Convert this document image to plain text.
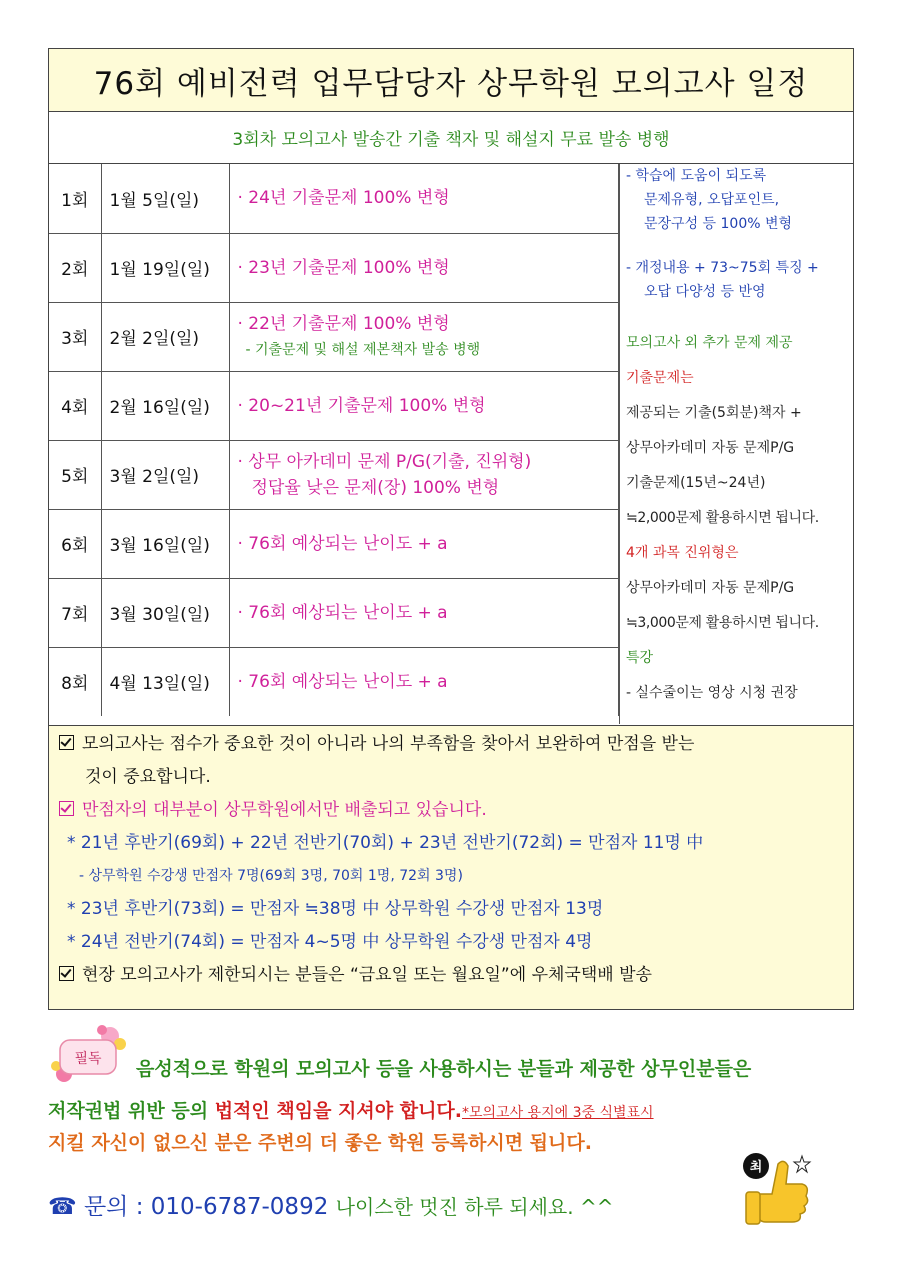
76회 예비전력 업무담당자 상무학원 모의고사 일정
3회차 모의고사 발송간 기출 책자 및 해설지 무료 발송 병행
1회	1월 5일(일)	· 24년 기출문제 100% 변형
2회	1월 19일(일)	· 23년 기출문제 100% 변형
3회	2월 2일(일)	· 22년 기출문제 100% 변형
- 기출문제 및 해설 제본책자 발송 병행

4회	2월 16일(일)	· 20~21년 기출문제 100% 변형
5회	3월 2일(일)	· 상무 아카데미 문제 P/G(기출, 진위형)
정답율 낮은 문제(장) 100% 변형

6회	3월 16일(일)	· 76회 예상되는 난이도 + a
7회	3월 30일(일)	· 76회 예상되는 난이도 + a
8회	4월 13일(일)	· 76회 예상되는 난이도 + a
- 학습에 도움이 되도록
문제유형, 오답포인트,
문장구성 등 100% 변형
- 개정내용 + 73~75회 특징 +
오답 다양성 등 반영
모의고사 외 추가 문제 제공
기출문제는
제공되는 기출(5회분)책자 +
상무아카데미 자동 문제P/G
기출문제(15년~24년)
≒2,000문제 활용하시면 됩니다.
4개 과목 진위형은
상무아카데미 자동 문제P/G
≒3,000문제 활용하시면 됩니다.
특강
- 실수줄이는 영상 시청 권장
모의고사는 점수가 중요한 것이 아니라 나의 부족함을 찾아서 보완하여 만점을 받는
것이 중요합니다.
만점자의 대부분이 상무학원에서만 배출되고 있습니다.
* 21년 후반기(69회) + 22년 전반기(70회) + 23년 전반기(72회) = 만점자 11명 中
- 상무학원 수강생 만점자 7명(69회 3명, 70회 1명, 72회 3명)
* 23년 후반기(73회) = 만점자 ≒38명 中 상무학원 수강생 만점자 13명
* 24년 전반기(74회) = 만점자 4~5명 中 상무학원 수강생 만점자 4명
현장 모의고사가 제한되시는 분들은 “금요일 또는 월요일”에 우체국택배 발송
필독 음성적으로 학원의 모의고사 등을 사용하시는 분들과 제공한 상무인분들은
저작권법 위반 등의 법적인 책임을 지셔야 합니다.*모의고사 용지에 3중 식별표시
지킬 자신이 없으신 분은 주변의 더 좋은 학원 등록하시면 됩니다.
☎ 문의 : 010-6787-0892 나이스한 멋진 하루 되세요. ^^
최
